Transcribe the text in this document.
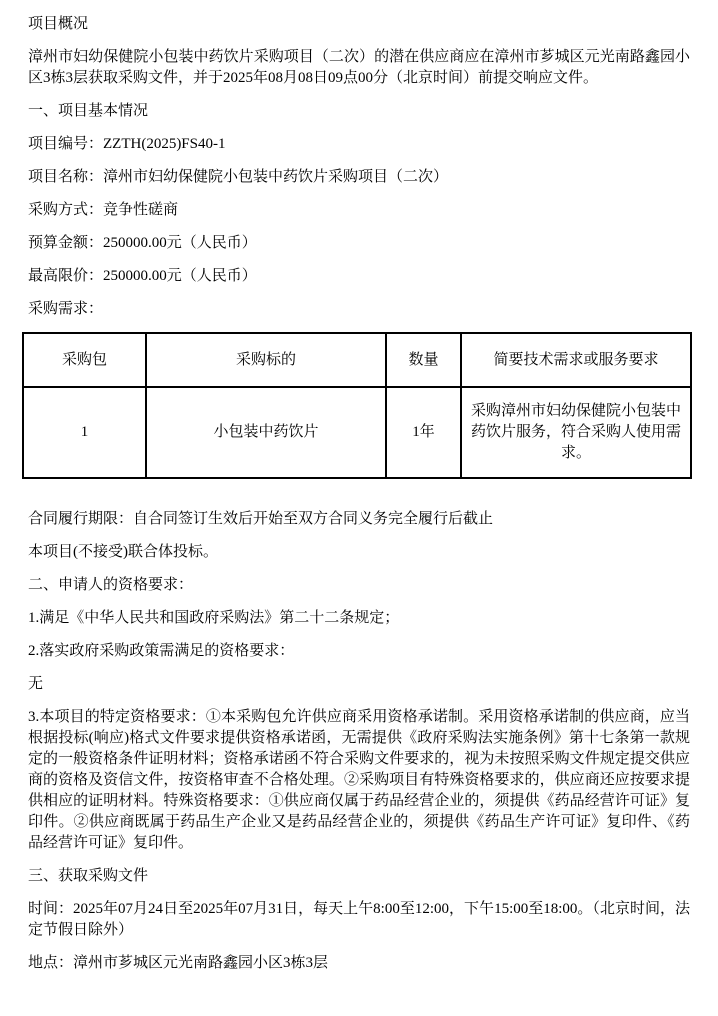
项目概况

漳州市妇幼保健院小包装中药饮片采购项目（二次）的潜在供应商应在漳州市芗城区元光南路鑫园小区3栋3层获取采购文件，并于2025年08月08日09点00分（北京时间）前提交响应文件。

一、项目基本情况

项目编号：ZZTH(2025)FS40-1

项目名称：漳州市妇幼保健院小包装中药饮片采购项目（二次）

采购方式：竞争性磋商

预算金额：250000.00元（人民币）

最高限价：250000.00元（人民币）

采购需求：

采购包	采购标的	数量	简要技术需求或服务要求
1	小包装中药饮片	1年	采购漳州市妇幼保健院小包装中药饮片服务，符合采购人使用需求。

合同履行期限：自合同签订生效后开始至双方合同义务完全履行后截止

本项目(不接受)联合体投标。

二、申请人的资格要求：

1.满足《中华人民共和国政府采购法》第二十二条规定；

2.落实政府采购政策需满足的资格要求：

无

3.本项目的特定资格要求：①本采购包允许供应商采用资格承诺制。采用资格承诺制的供应商，应当根据投标(响应)格式文件要求提供资格承诺函，无需提供《政府采购法实施条例》第十七条第一款规定的一般资格条件证明材料；资格承诺函不符合采购文件要求的，视为未按照采购文件规定提交供应商的资格及资信文件，按资格审查不合格处理。②采购项目有特殊资格要求的，供应商还应按要求提供相应的证明材料。特殊资格要求：①供应商仅属于药品经营企业的，须提供《药品经营许可证》复印件。②供应商既属于药品生产企业又是药品经营企业的，须提供《药品生产许可证》复印件、《药品经营许可证》复印件。

三、获取采购文件

时间：2025年07月24日至2025年07月31日，每天上午8:00至12:00，下午15:00至18:00。（北京时间，法定节假日除外）

地点：漳州市芗城区元光南路鑫园小区3栋3层
